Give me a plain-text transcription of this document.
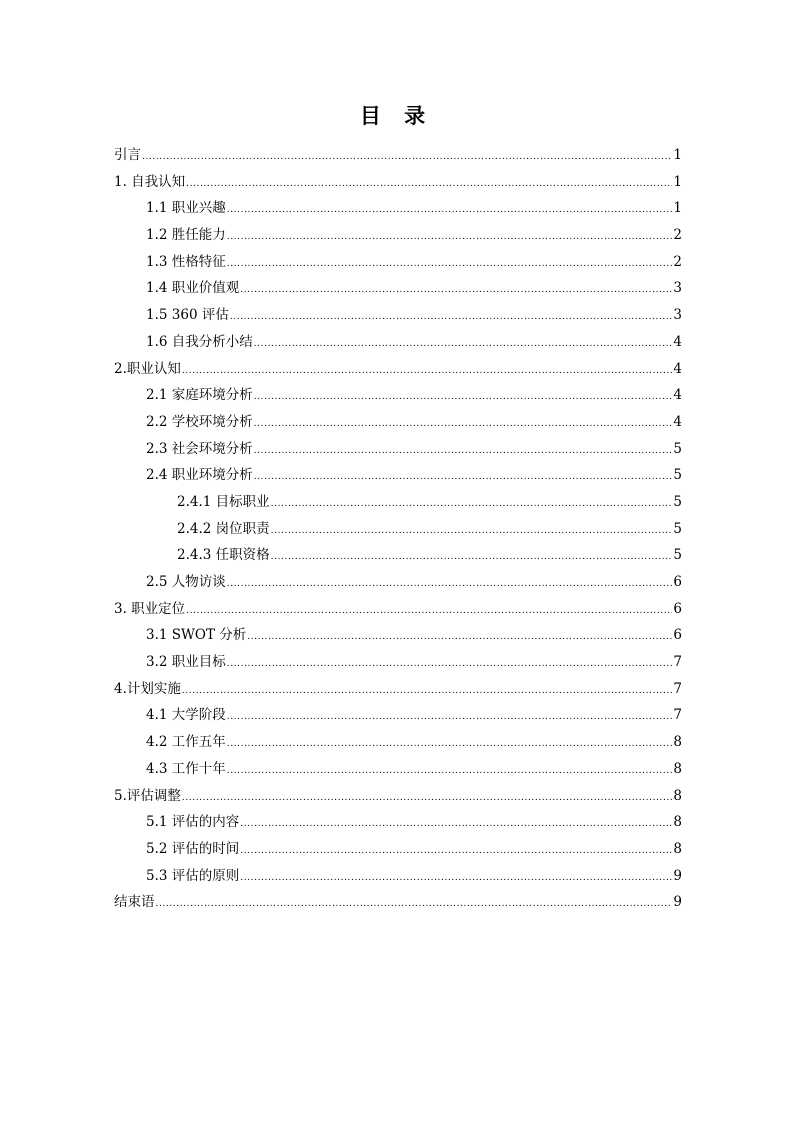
目 录
引言 .....	1
1. 自我认知 .....	1
1.1 职业兴趣 .....	1
1.2 胜任能力 .....	2
1.3 性格特征 .....	2
1.4 职业价值观 .....	3
1.5 360 评估 .....	3
1.6 自我分析小结 .....	4
2.职业认知 .....	4
2.1 家庭环境分析 .....	4
2.2 学校环境分析 .....	4
2.3 社会环境分析 .....	5
2.4 职业环境分析 .....	5
2.4.1 目标职业 .....	5
2.4.2 岗位职责 .....	5
2.4.3 任职资格 .....	5
2.5 人物访谈 .....	6
3. 职业定位 .....	6
3.1 SWOT 分析 .....	6
3.2 职业目标 .....	7
4.计划实施 .....	7
4.1 大学阶段 .....	7
4.2 工作五年 .....	8
4.3 工作十年 .....	8
5.评估调整 .....	8
5.1 评估的内容 .....	8
5.2 评估的时间 .....	8
5.3 评估的原则 .....	9
结束语 .....	9
